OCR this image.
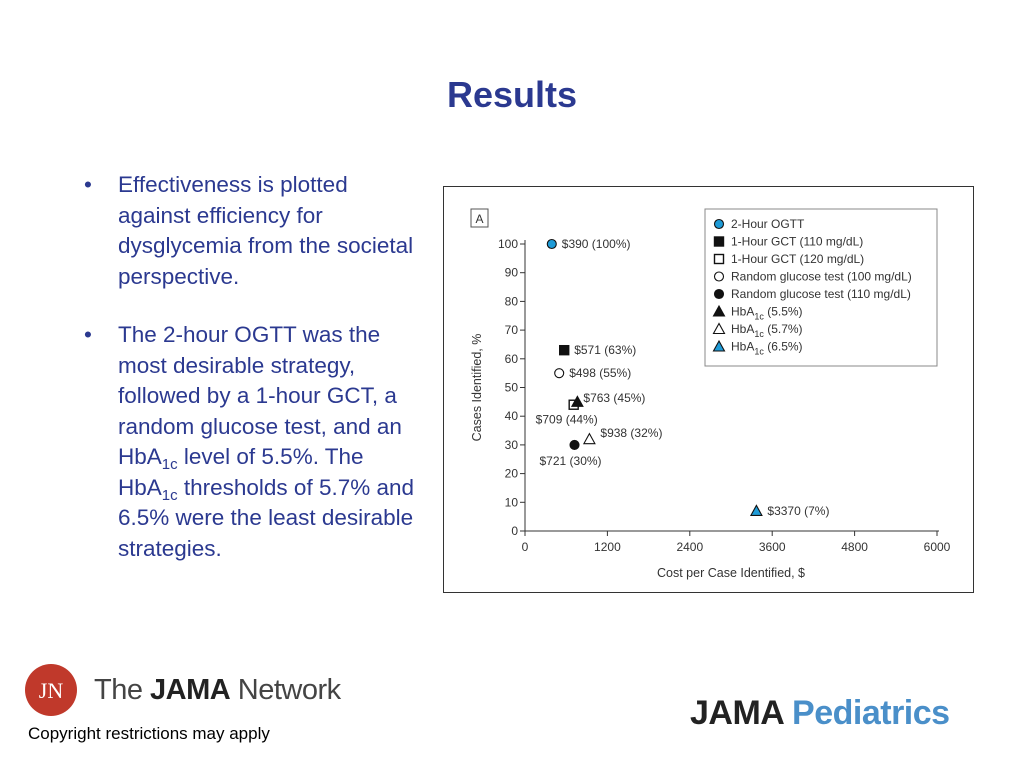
Results
• Effectiveness is plotted against efficiency for dysglycemia from the societal perspective.
• The 2-hour OGTT was the most desirable strategy, followed by a 1-hour GCT, a random glucose test, and an HbA$_{1c}$ level of 5.5%. The HbA$_{1c}$ thresholds of 5.7% and 6.5% were the least desirable strategies.
A
0
10
20
30
40
50
60
70
80
90
100
0	1200	2400	3600	4800	6000
Cost per Case Identified, $
Cases Identified, %
$390 (100%)
$571 (63%)
$709 (44%)
$498 (55%)
$721 (30%)
$763 (45%)
$938 (32%)
$3370 (7%)
2-Hour OGTT
1-Hour GCT (110 mg/dL)
1-Hour GCT (120 mg/dL)
Random glucose test (100 mg/dL)
Random glucose test (110 mg/dL)
HbA$_{1c}$ (5.5%)
HbA$_{1c}$ (5.7%)
HbA$_{1c}$ (6.5%)
JN The JAMA Network
JAMA Pediatrics
Copyright restrictions may apply
